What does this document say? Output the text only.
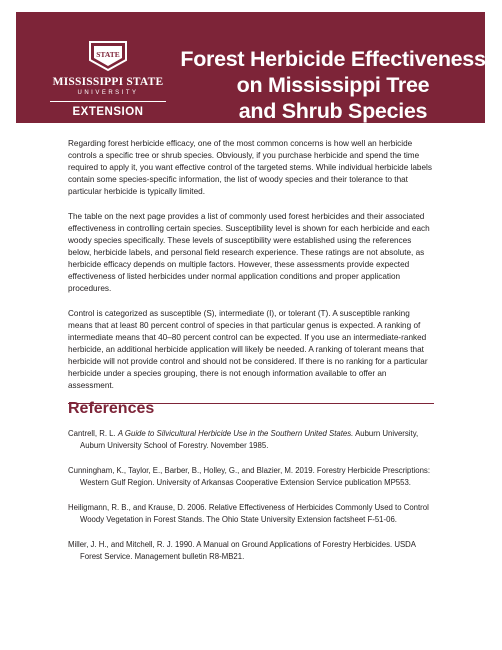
STATE
MISSISSIPPI STATE
UNIVERSITY
EXTENSION
Forest Herbicide Effectiveness
on Mississippi Tree
and Shrub Species

Regarding forest herbicide efficacy, one of the most common concerns is how well an herbicide controls a specific tree or shrub species. Obviously, if you purchase herbicide and spend the time required to apply it, you want effective control of the targeted stems. While individual herbicide labels contain some species-specific information, the list of woody species and their tolerance to that particular herbicide is typically limited.

The table on the next page provides a list of commonly used forest herbicides and their associated effectiveness in controlling certain species. Susceptibility level is shown for each herbicide and each woody species specifically. These levels of susceptibility were established using the references below, herbicide labels, and personal field research experience. These ratings are not absolute, as herbicide efficacy depends on multiple factors. However, these assessments provide expected effectiveness of listed herbicides under normal application conditions and proper application procedures.

Control is categorized as susceptible (S), intermediate (I), or tolerant (T). A susceptible ranking means that at least 80 percent control of species in that particular genus is expected. A ranking of intermediate means that 40–80 percent control can be expected. If you use an intermediate-ranked herbicide, an additional herbicide application will likely be needed. A ranking of tolerant means that herbicide will not provide control and should not be considered. If there is no ranking for a particular herbicide under a species grouping, there is not enough information available to offer an assessment.

References
Cantrell, R. L. A Guide to Silvicultural Herbicide Use in the Southern United States. Auburn University, Auburn University School of Forestry. November 1985.
Cunningham, K., Taylor, E., Barber, B., Holley, G., and Blazier, M. 2019. Forestry Herbicide Prescriptions: Western Gulf Region. University of Arkansas Cooperative Extension Service publication MP553.
Heiligmann, R. B., and Krause, D. 2006. Relative Effectiveness of Herbicides Commonly Used to Control Woody Vegetation in Forest Stands. The Ohio State University Extension factsheet F-51-06.
Miller, J. H., and Mitchell, R. J. 1990. A Manual on Ground Applications of Forestry Herbicides. USDA Forest Service. Management bulletin R8-MB21.
